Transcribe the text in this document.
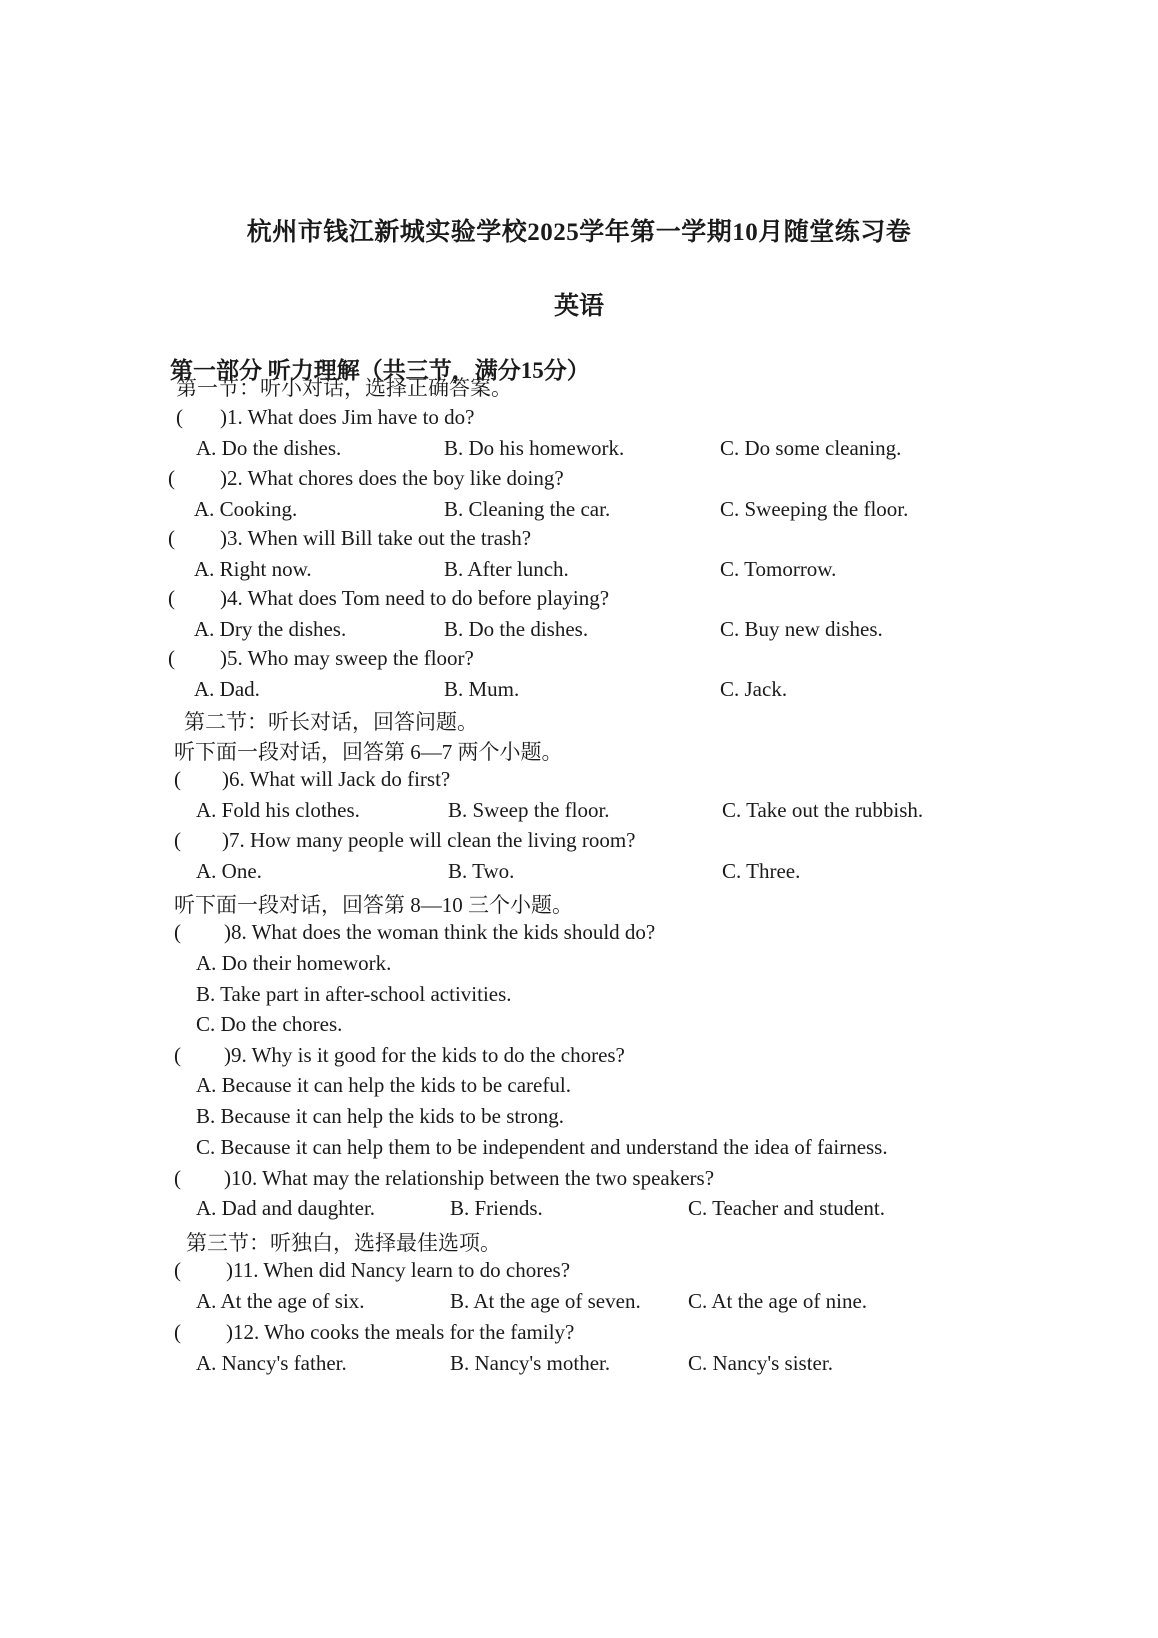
杭州市钱江新城实验学校2025学年第一学期10月随堂练习卷
英语
第一部分 听力理解（共三节，满分15分）
第一节：听小对话，选择正确答案。
( )1. What does Jim have to do?
A. Do the dishes.	B. Do his homework.	C. Do some cleaning.
( )2. What chores does the boy like doing?
A. Cooking.	B. Cleaning the car.	C. Sweeping the floor.
( )3. When will Bill take out the trash?
A. Right now.	B. After lunch.	C. Tomorrow.
( )4. What does Tom need to do before playing?
A. Dry the dishes.	B. Do the dishes.	C. Buy new dishes.
( )5. Who may sweep the floor?
A. Dad.	B. Mum.	C. Jack.
第二节：听长对话，回答问题。
听下面一段对话，回答第 6—7 两个小题。
( )6. What will Jack do first?
A. Fold his clothes.	B. Sweep the floor.	C. Take out the rubbish.
( )7. How many people will clean the living room?
A. One.	B. Two.	C. Three.
听下面一段对话，回答第 8—10 三个小题。
( )8. What does the woman think the kids should do?
A. Do their homework.
B. Take part in after-school activities.
C. Do the chores.
( )9. Why is it good for the kids to do the chores?
A. Because it can help the kids to be careful.
B. Because it can help the kids to be strong.
C. Because it can help them to be independent and understand the idea of fairness.
( )10. What may the relationship between the two speakers?
A. Dad and daughter.	B. Friends.	C. Teacher and student.
第三节：听独白，选择最佳选项。
( )11. When did Nancy learn to do chores?
A. At the age of six.	B. At the age of seven. C. At the age of nine.
( )12. Who cooks the meals for the family?
A. Nancy's father.	B. Nancy's mother.	C. Nancy's sister.
